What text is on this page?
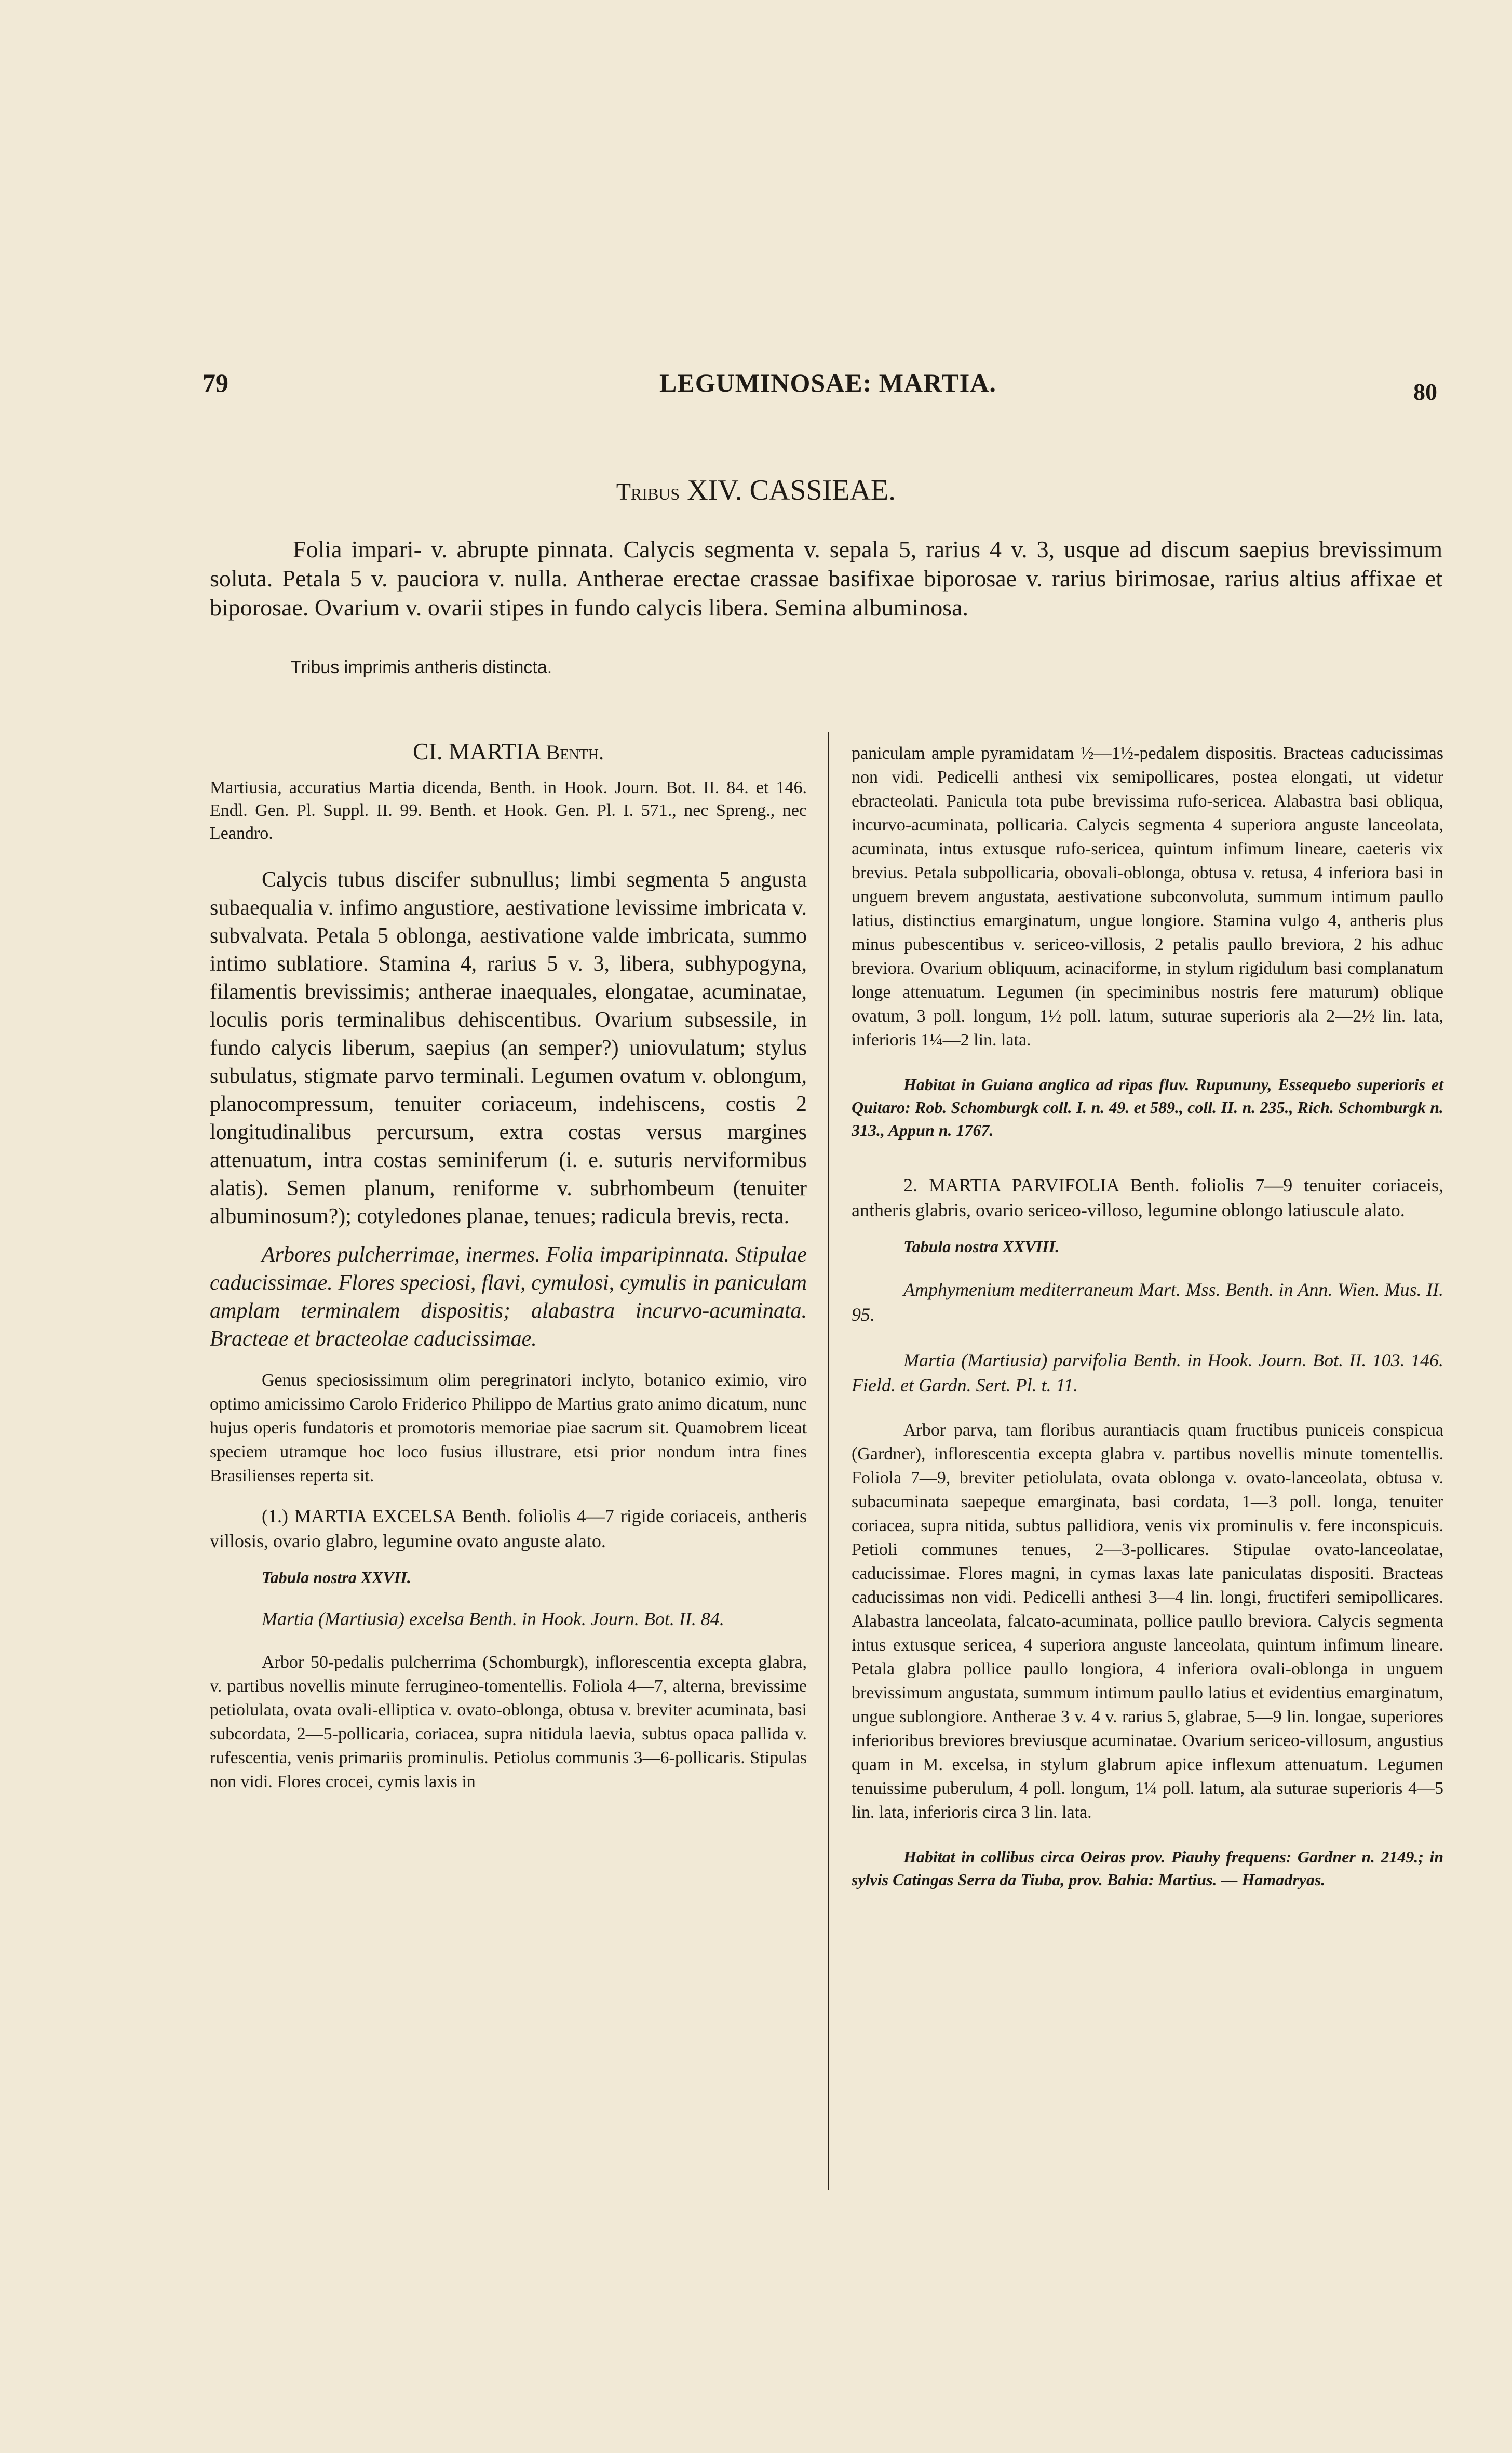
79	LEGUMINOSAE: MARTIA.	80
Tribus XIV. CASSIEAE.
Folia impari- v. abrupte pinnata. Calycis segmenta v. sepala 5, rarius 4 v. 3, usque ad discum saepius brevissimum soluta. Petala 5 v. pauciora v. nulla. Antherae erectae crassae basifixae biporosae v. rarius birimosae, rarius altius affixae et biporosae. Ovarium v. ovarii stipes in fundo calycis libera. Semina albuminosa.
Tribus imprimis antheris distincta.
CI. MARTIA Benth.
Martiusia, accuratius Martia dicenda, Benth. in Hook. Journ. Bot. II. 84. et 146. Endl. Gen. Pl. Suppl. II. 99. Benth. et Hook. Gen. Pl. I. 571., nec Spreng., nec Leandro.
Calycis tubus discifer subnullus; limbi segmenta 5 angusta subaequalia v. infimo angustiore, aestivatione levissime imbricata v. subvalvata. Petala 5 oblonga, aestivatione valde imbricata, summo intimo sublatiore. Stamina 4, rarius 5 v. 3, libera, subhypogyna, filamentis brevissimis; antherae inaequales, elongatae, acuminatae, loculis poris terminalibus dehiscentibus. Ovarium subsessile, in fundo calycis liberum, saepius (an semper?) uniovulatum; stylus subulatus, stigmate parvo terminali. Legumen ovatum v. oblongum, planocompressum, tenuiter coriaceum, indehiscens, costis 2 longitudinalibus percursum, extra costas versus margines attenuatum, intra costas seminiferum (i. e. suturis nerviformibus alatis). Semen planum, reniforme v. subrhombeum (tenuiter albuminosum?); cotyledones planae, tenues; radicula brevis, recta.
Arbores pulcherrimae, inermes. Folia imparipinnata. Stipulae caducissimae. Flores speciosi, flavi, cymulosi, cymulis in paniculam amplam terminalem dispositis; alabastra incurvo-acuminata. Bracteae et bracteolae caducissimae.
Genus speciosissimum olim peregrinatori inclyto, botanico eximio, viro optimo amicissimo Carolo Friderico Philippo de Martius grato animo dicatum, nunc hujus operis fundatoris et promotoris memoriae piae sacrum sit. Quamobrem liceat speciem utramque hoc loco fusius illustrare, etsi prior nondum intra fines Brasilienses reperta sit.
(1.) MARTIA EXCELSA Benth. foliolis 4—7 rigide coriaceis, antheris villosis, ovario glabro, legumine ovato anguste alato.
Tabula nostra XXVII.
Martia (Martiusia) excelsa Benth. in Hook. Journ. Bot. II. 84.
Arbor 50-pedalis pulcherrima (Schomburgk), inflorescentia excepta glabra, v. partibus novellis minute ferrugineo-tomentellis. Foliola 4—7, alterna, brevissime petiolulata, ovata ovali-elliptica v. ovato-oblonga, obtusa v. breviter acuminata, basi subcordata, 2—5-pollicaria, coriacea, supra nitidula laevia, subtus opaca pallida v. rufescentia, venis primariis prominulis. Petiolus communis 3—6-pollicaris. Stipulas non vidi. Flores crocei, cymis laxis in
paniculam ample pyramidatam ½—1½-pedalem dispositis. Bracteas caducissimas non vidi. Pedicelli anthesi vix semipollicares, postea elongati, ut videtur ebracteolati. Panicula tota pube brevissima rufo-sericea. Alabastra basi obliqua, incurvo-acuminata, pollicaria. Calycis segmenta 4 superiora anguste lanceolata, acuminata, intus extusque rufo-sericea, quintum infimum lineare, caeteris vix brevius. Petala subpollicaria, obovali-oblonga, obtusa v. retusa, 4 inferiora basi in unguem brevem angustata, aestivatione subconvoluta, summum intimum paullo latius, distinctius emarginatum, unguе longiore. Stamina vulgo 4, antheris plus minus pubescentibus v. sericeo-villosis, 2 petalis paullo breviora, 2 his adhuc breviora. Ovarium obliquum, acinaciforme, in stylum rigidulum basi complanatum longe attenuatum. Legumen (in speciminibus nostris fere maturum) oblique ovatum, 3 poll. longum, 1½ poll. latum, suturae superioris ala 2—2½ lin. lata, inferioris 1¼—2 lin. lata.
Habitat in Guiana anglica ad ripas fluv. Rupununy, Essequebo superioris et Quitaro: Rob. Schomburgk coll. I. n. 49. et 589., coll. II. n. 235., Rich. Schomburgk n. 313., Appun n. 1767.
2. MARTIA PARVIFOLIA Benth. foliolis 7—9 tenuiter coriaceis, antheris glabris, ovario sericeo-villoso, legumine oblongo latiuscule alato.
Tabula nostra XXVIII.
Amphymenium mediterraneum Mart. Mss. Benth. in Ann. Wien. Mus. II. 95.
Martia (Martiusia) parvifolia Benth. in Hook. Journ. Bot. II. 103. 146. Field. et Gardn. Sert. Pl. t. 11.
Arbor parva, tam floribus aurantiacis quam fructibus puniceis conspicua (Gardner), inflorescentia excepta glabra v. partibus novellis minute tomentellis. Foliola 7—9, breviter petiolulata, ovata oblonga v. ovato-lanceolata, obtusa v. subacuminata saepeque emarginata, basi cordata, 1—3 poll. longa, tenuiter coriacea, supra nitida, subtus pallidiora, venis vix prominulis v. fere inconspicuis. Petioli communes tenues, 2—3-pollicares. Stipulae ovato-lanceolatae, caducissimae. Flores magni, in cymas laxas late paniculatas dispositi. Bracteas caducissimas non vidi. Pedicelli anthesi 3—4 lin. longi, fructiferi semipollicares. Alabastra lanceolata, falcato-acuminata, pollice paullo breviora. Calycis segmenta intus extusque sericea, 4 superiora anguste lanceolata, quintum infimum lineare. Petala glabra pollice paullo longiora, 4 inferiora ovali-oblonga in unguem brevissimum angustata, summum intimum paullo latius et evidentius emarginatum, ungue sublongiore. Antherae 3 v. 4 v. rarius 5, glabrae, 5—9 lin. longae, superiores inferioribus breviores breviusque acuminatae. Ovarium sericeo-villosum, angustius quam in M. excelsa, in stylum glabrum apice inflexum attenuatum. Legumen tenuissime puberulum, 4 poll. longum, 1¼ poll. latum, ala suturae superioris 4—5 lin. lata, inferioris circa 3 lin. lata.
Habitat in collibus circa Oeiras prov. Piauhy frequens: Gardner n. 2149.; in sylvis Catingas Serra da Tiuba, prov. Bahia: Martius. — Hamadryas.
